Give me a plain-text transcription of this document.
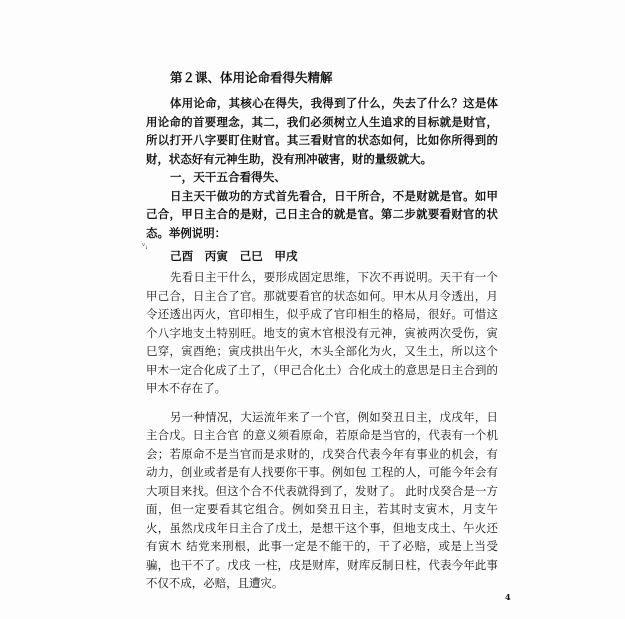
第２课、体用论命看得失精解

体用论命，其核心在得失，我得到了什么，失去了什么？这是体用论命的首要理念，其二，我们必须树立人生追求的目标就是财官，所以打开八字要盯住财官。其三看财官的状态如何，比如你所得到的财，状态好有元神生助，没有刑冲破害，财的量级就大。

一，天干五合看得失、

日主天干做功的方式首先看合，日干所合，不是财就是官。如甲己合，甲日主合的是财，己日主合的就是官。第二步就要看财官的状态。举例说明：

己酉　丙寅　己巳　甲戌

先看日主干什么，要形成固定思维，下次不再说明。天干有一个甲己合，日主合了官。那就要看官的状态如何。甲木从月令透出，月令还透出丙火，官印相生，似乎成了官印相生的格局，很好。可惜这个八字地支土特别旺。地支的寅木官根没有元神，寅被两次受伤，寅巳穿，寅酉绝；寅戌拱出午火，木头全部化为火，又生土，所以这个甲木一定合化成了土了，（甲己合化土）合化成土的意思是日主合到的甲木不存在了。

另一种情况，大运流年来了一个官，例如癸丑日主，戊戌年，日主合戊。日主合官 的意义须看原命，若原命是当官的，代表有一个机会；若原命不是当官而是求财的，戊癸合代表今年有事业的机会，有动力，创业或者是有人找要你干事。例如包 工程的人，可能今年会有大项目来找。但这个合不代表就得到了，发财了。 此时戊癸合是一方面，但一定要看其它组合。例如癸丑日主，若其时支寅木，月支午火，虽然戊戌年日主合了戊土，是想干这个事，但地支戌土、午火还有寅木 结党来刑根，此事一定是不能干的，干了必赔，或是上当受骗，也干不了。戊戌 一柱，戌是财库，财库反制日柱，代表今年此事不仅不成，必赔，且遭灾。

ᵛᵢ
4
